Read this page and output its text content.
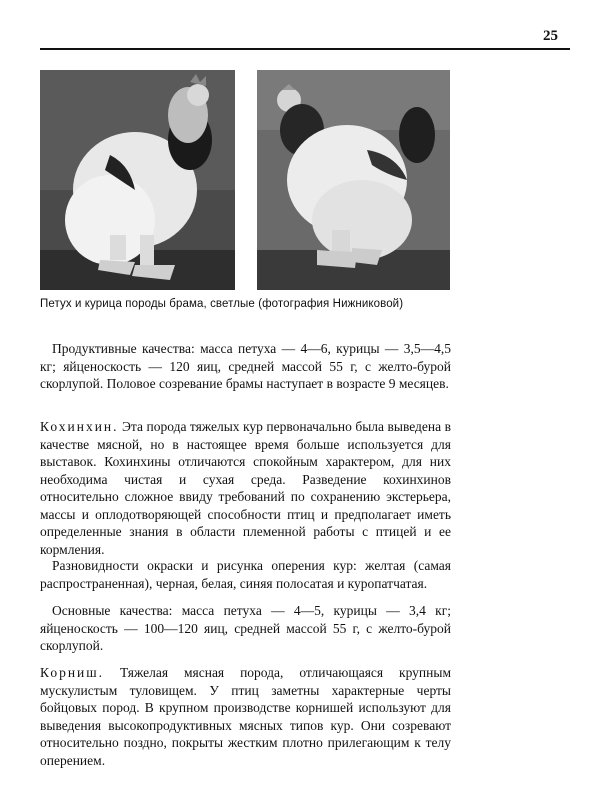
25
Петух и курица породы брама, светлые (фотография Нижниковой)

Продуктивные качества: масса петуха — 4—6, курицы — 3,5—4,5 кг; яйценоскость — 120 яиц, средней массой 55 г, с желто-бурой скорлупой. Половое созревание брамы наступает в возрасте 9 месяцев.

Кохинхин. Эта порода тяжелых кур первоначально была выведена в качестве мясной, но в настоящее время больше используется для выставок. Кохинхины отличаются спокойным характером, для них необходима чистая и сухая среда. Разведение кохинхинов относительно сложное ввиду требований по сохранению экстерьера, массы и оплодотворяющей способности птиц и предполагает иметь определенные знания в области племенной работы с птицей и ее кормления.

Разновидности окраски и рисунка оперения кур: желтая (самая распространенная), черная, белая, синяя полосатая и куропатчатая.

Основные качества: масса петуха — 4—5, курицы — 3,4 кг; яйценоскость — 100—120 яиц, средней массой 55 г, с желто-бурой скорлупой.

Корниш. Тяжелая мясная порода, отличающаяся крупным мускулистым туловищем. У птиц заметны характерные черты бойцовых пород. В крупном производстве корнишей используют для выведения высокопродуктивных мясных типов кур. Они созревают относительно поздно, покрыты жестким плотно прилегающим к телу оперением.
